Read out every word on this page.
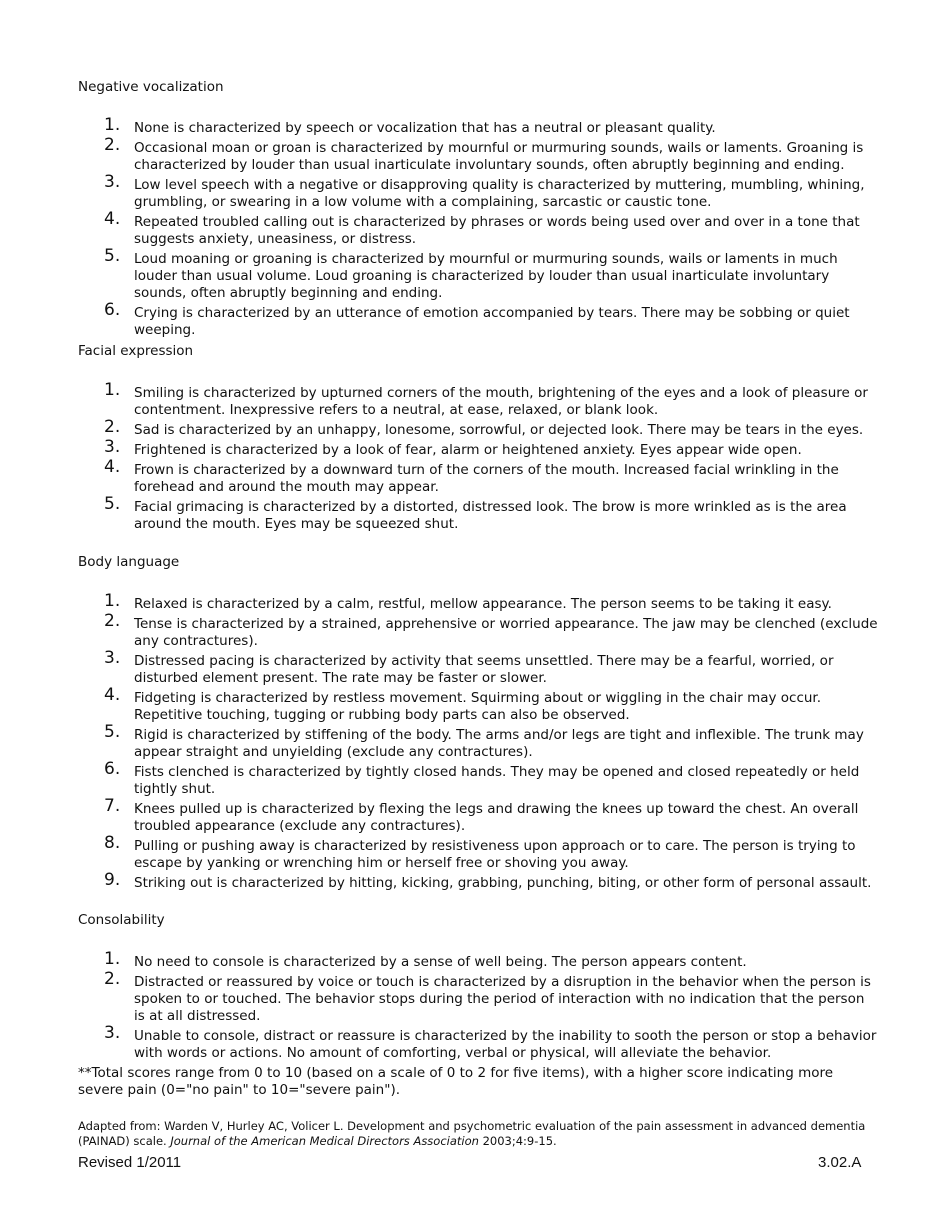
Negative vocalization

1. None is characterized by speech or vocalization that has a neutral or pleasant quality.
2. Occasional moan or groan is characterized by mournful or murmuring sounds, wails or laments. Groaning is characterized by louder than usual inarticulate involuntary sounds, often abruptly beginning and ending.
3. Low level speech with a negative or disapproving quality is characterized by muttering, mumbling, whining, grumbling, or swearing in a low volume with a complaining, sarcastic or caustic tone.
4. Repeated troubled calling out is characterized by phrases or words being used over and over in a tone that suggests anxiety, uneasiness, or distress.
5. Loud moaning or groaning is characterized by mournful or murmuring sounds, wails or laments in much louder than usual volume. Loud groaning is characterized by louder than usual inarticulate involuntary sounds, often abruptly beginning and ending.
6. Crying is characterized by an utterance of emotion accompanied by tears. There may be sobbing or quiet weeping.

Facial expression

1. Smiling is characterized by upturned corners of the mouth, brightening of the eyes and a look of pleasure or contentment. Inexpressive refers to a neutral, at ease, relaxed, or blank look.
2. Sad is characterized by an unhappy, lonesome, sorrowful, or dejected look. There may be tears in the eyes.
3. Frightened is characterized by a look of fear, alarm or heightened anxiety. Eyes appear wide open.
4. Frown is characterized by a downward turn of the corners of the mouth. Increased facial wrinkling in the forehead and around the mouth may appear.
5. Facial grimacing is characterized by a distorted, distressed look. The brow is more wrinkled as is the area around the mouth. Eyes may be squeezed shut.

Body language

1. Relaxed is characterized by a calm, restful, mellow appearance. The person seems to be taking it easy.
2. Tense is characterized by a strained, apprehensive or worried appearance. The jaw may be clenched (exclude any contractures).
3. Distressed pacing is characterized by activity that seems unsettled. There may be a fearful, worried, or disturbed element present. The rate may be faster or slower.
4. Fidgeting is characterized by restless movement. Squirming about or wiggling in the chair may occur. Repetitive touching, tugging or rubbing body parts can also be observed.
5. Rigid is characterized by stiffening of the body. The arms and/or legs are tight and inflexible. The trunk may appear straight and unyielding (exclude any contractures).
6. Fists clenched is characterized by tightly closed hands. They may be opened and closed repeatedly or held tightly shut.
7. Knees pulled up is characterized by flexing the legs and drawing the knees up toward the chest. An overall troubled appearance (exclude any contractures).
8. Pulling or pushing away is characterized by resistiveness upon approach or to care. The person is trying to escape by yanking or wrenching him or herself free or shoving you away.
9. Striking out is characterized by hitting, kicking, grabbing, punching, biting, or other form of personal assault.

Consolability

1. No need to console is characterized by a sense of well being. The person appears content.
2. Distracted or reassured by voice or touch is characterized by a disruption in the behavior when the person is spoken to or touched. The behavior stops during the period of interaction with no indication that the person is at all distressed.
3. Unable to console, distract or reassure is characterized by the inability to sooth the person or stop a behavior with words or actions. No amount of comforting, verbal or physical, will alleviate the behavior.
**Total scores range from 0 to 10 (based on a scale of 0 to 2 for five items), with a higher score indicating more severe pain (0="no pain" to 10="severe pain").
Adapted from: Warden V, Hurley AC, Volicer L. Development and psychometric evaluation of the pain assessment in advanced dementia (PAINAD) scale. Journal of the American Medical Directors Association 2003;4:9-15.
Revised 1/2011	3.02.A
